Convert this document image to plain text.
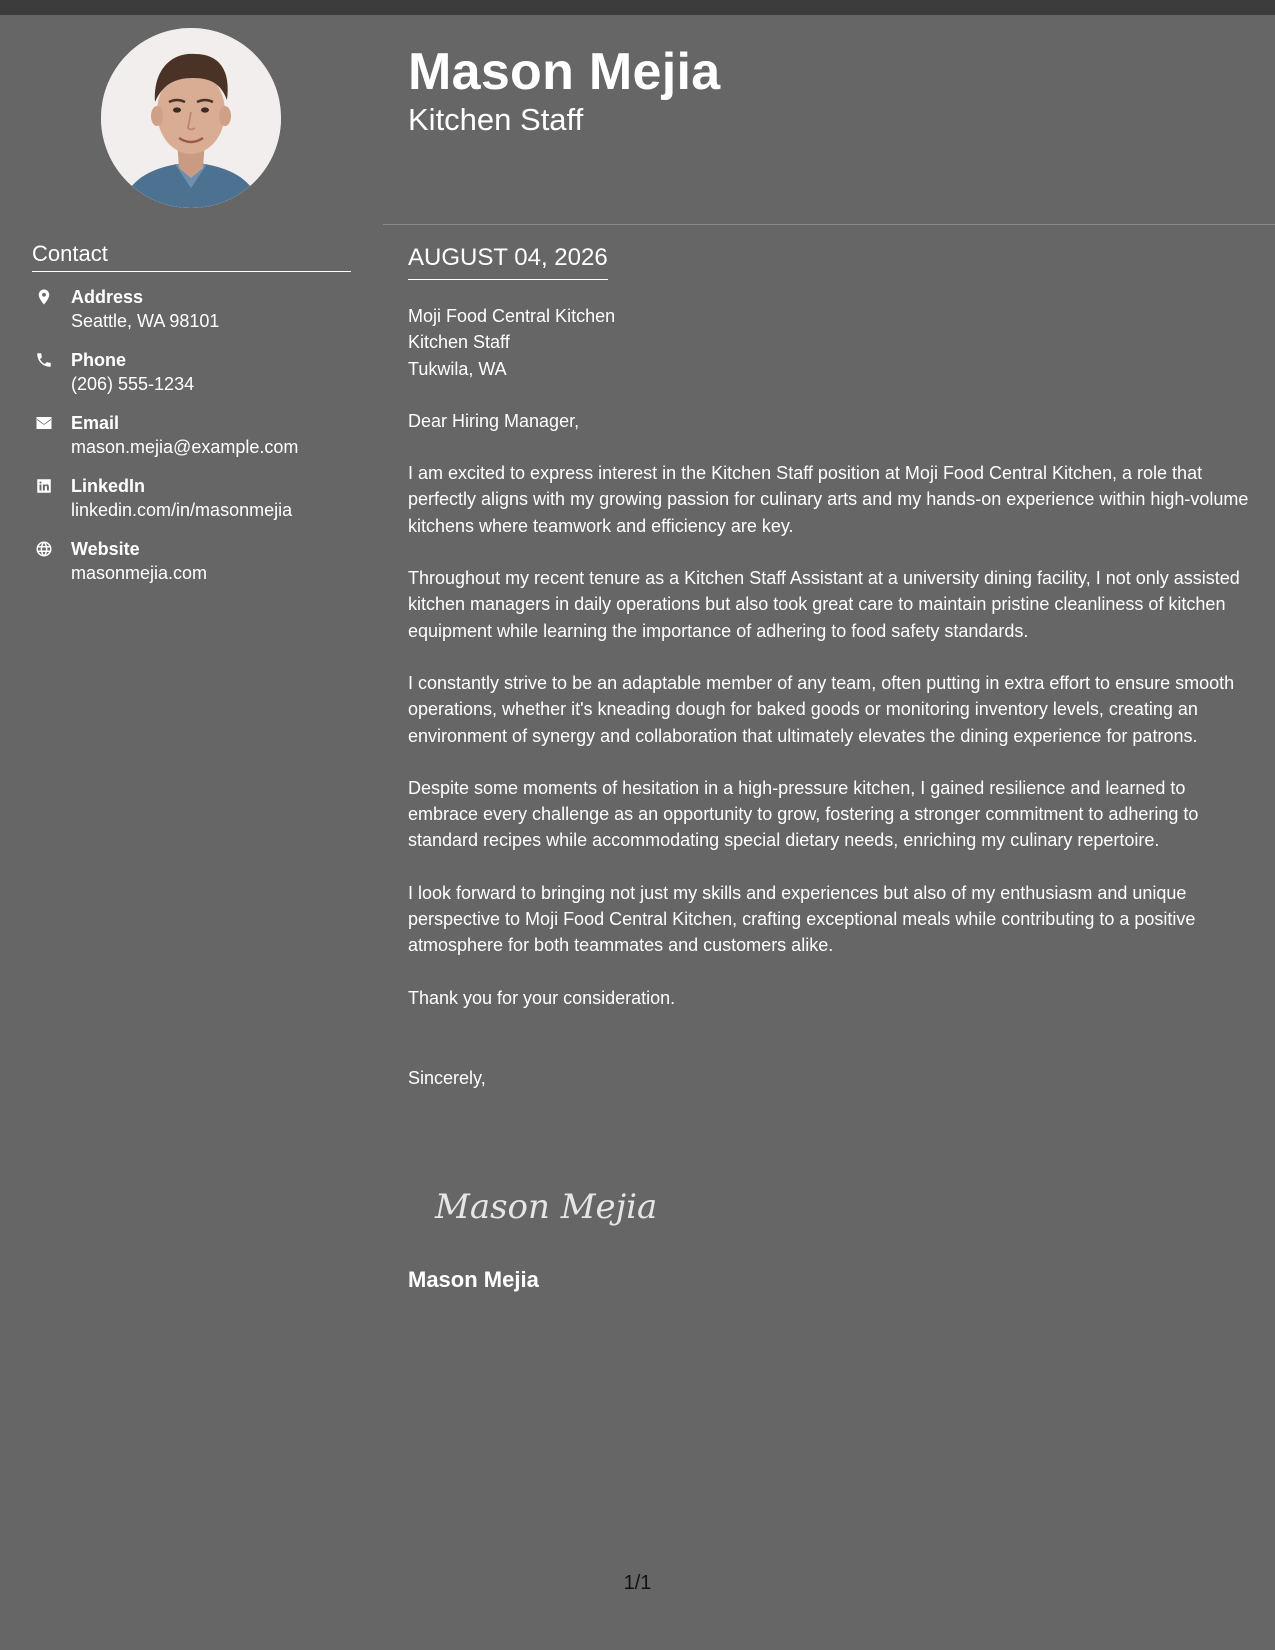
Contact
Address
Seattle, WA 98101
Phone
(206) 555-1234
Email
mason.mejia@example.com
LinkedIn
linkedin.com/in/masonmejia
Website
masonmejia.com
Mason Mejia
Kitchen Staff
AUGUST 04, 2026
Moji Food Central Kitchen
Kitchen Staff
Tukwila, WA

Dear Hiring Manager,

I am excited to express interest in the Kitchen Staff position at Moji Food Central Kitchen, a role that perfectly aligns with my growing passion for culinary arts and my hands-on experience within high-volume kitchens where teamwork and efficiency are key.

Throughout my recent tenure as a Kitchen Staff Assistant at a university dining facility, I not only assisted kitchen managers in daily operations but also took great care to maintain pristine cleanliness of kitchen equipment while learning the importance of adhering to food safety standards.

I constantly strive to be an adaptable member of any team, often putting in extra effort to ensure smooth operations, whether it's kneading dough for baked goods or monitoring inventory levels, creating an environment of synergy and collaboration that ultimately elevates the dining experience for patrons.

Despite some moments of hesitation in a high-pressure kitchen, I gained resilience and learned to embrace every challenge as an opportunity to grow, fostering a stronger commitment to adhering to standard recipes while accommodating special dietary needs, enriching my culinary repertoire.

I look forward to bringing not just my skills and experiences but also of my enthusiasm and unique perspective to Moji Food Central Kitchen, crafting exceptional meals while contributing to a positive atmosphere for both teammates and customers alike.

Thank you for your consideration.

Sincerely,

Mason Mejia
Mason Mejia
1/1
